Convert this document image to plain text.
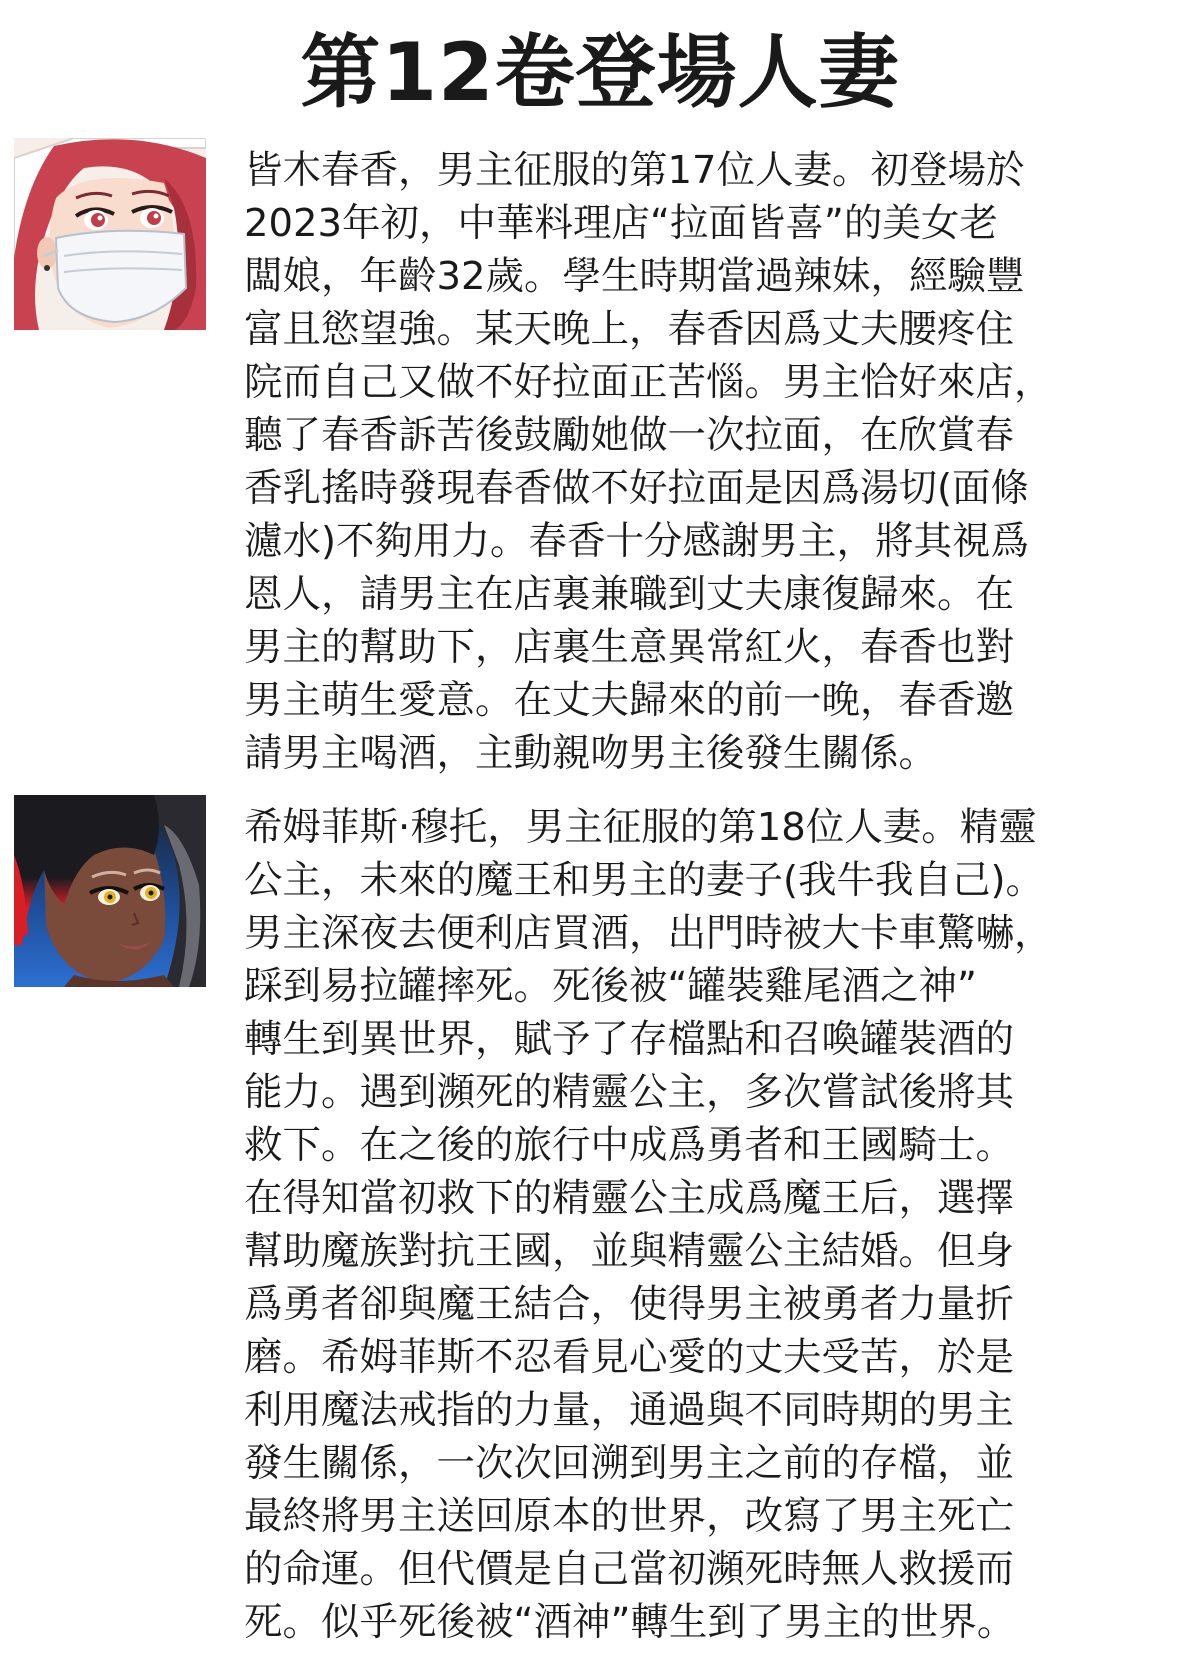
第12卷登場人妻

皆木春香，男主征服的第17位人妻。初登場於
2023年初，中華料理店“拉面皆喜”的美女老
闆娘，年齡32歲。學生時期當過辣妹，經驗豐
富且慾望強。某天晚上，春香因爲丈夫腰疼住
院而自己又做不好拉面正苦惱。男主恰好來店，
聽了春香訴苦後鼓勵她做一次拉面，在欣賞春
香乳搖時發現春香做不好拉面是因爲湯切(面條
濾水)不夠用力。春香十分感謝男主，將其視爲
恩人，請男主在店裏兼職到丈夫康復歸來。在
男主的幫助下，店裏生意異常紅火，春香也對
男主萌生愛意。在丈夫歸來的前一晚，春香邀
請男主喝酒，主動親吻男主後發生關係。

希姆菲斯·穆托，男主征服的第18位人妻。精靈
公主，未來的魔王和男主的妻子(我牛我自己)。
男主深夜去便利店買酒，出門時被大卡車驚嚇，
踩到易拉罐摔死。死後被“罐裝雞尾酒之神”
轉生到異世界，賦予了存檔點和召喚罐裝酒的
能力。遇到瀕死的精靈公主，多次嘗試後將其
救下。在之後的旅行中成爲勇者和王國騎士。
在得知當初救下的精靈公主成爲魔王后，選擇
幫助魔族對抗王國，並與精靈公主結婚。但身
爲勇者卻與魔王結合，使得男主被勇者力量折
磨。希姆菲斯不忍看見心愛的丈夫受苦，於是
利用魔法戒指的力量，通過與不同時期的男主
發生關係，一次次回溯到男主之前的存檔，並
最終將男主送回原本的世界，改寫了男主死亡
的命運。但代價是自己當初瀕死時無人救援而
死。似乎死後被“酒神”轉生到了男主的世界。
